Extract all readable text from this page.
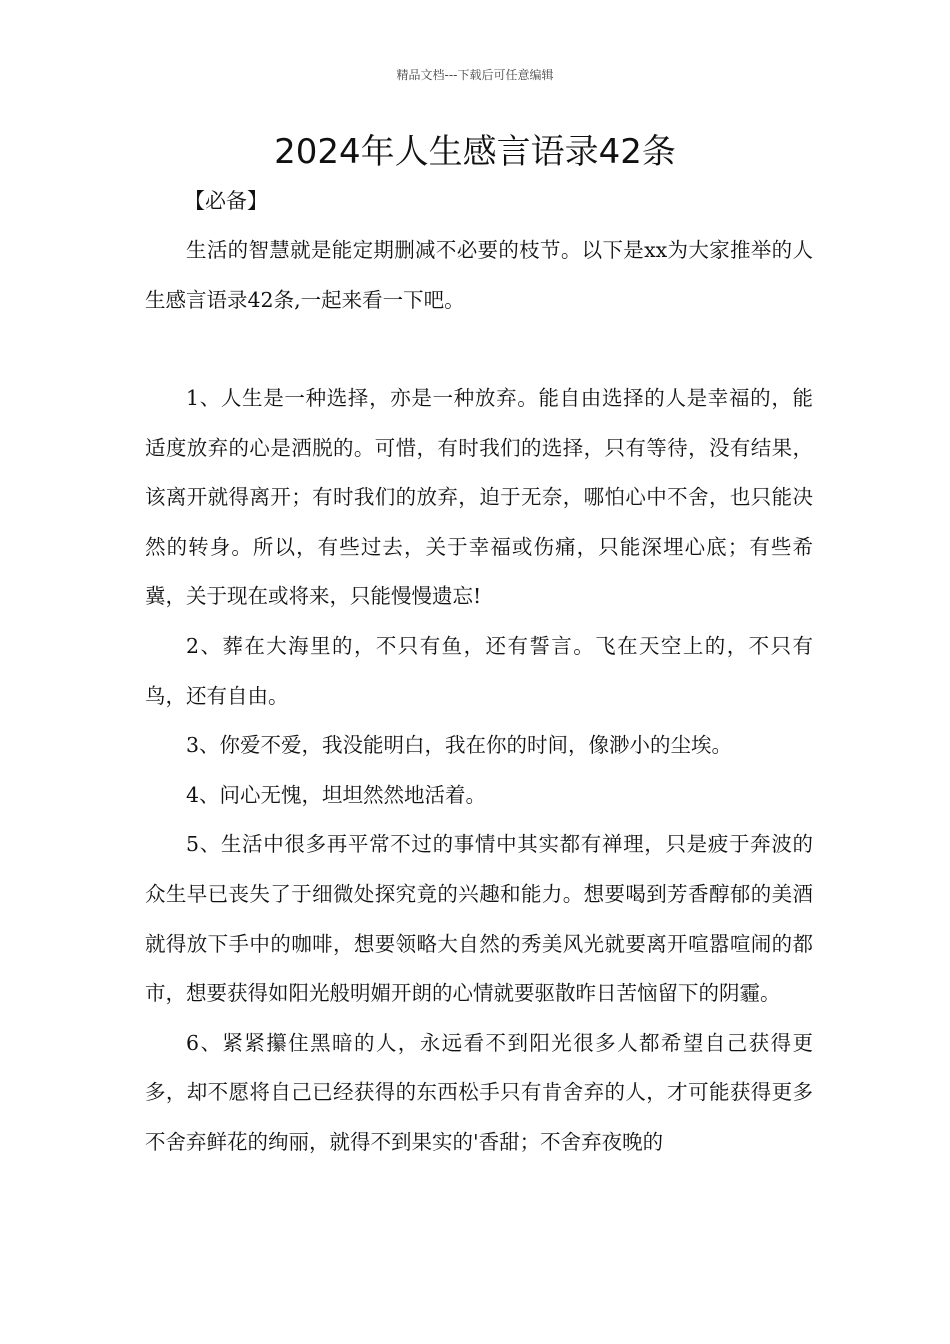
精品文档---下载后可任意编辑
2024年人生感言语录42条
【必备】

生活的智慧就是能定期删减不必要的枝节。以下是xx为大家推举的人生感言语录42条,一起来看一下吧。

1、人生是一种选择，亦是一种放弃。能自由选择的人是幸福的，能适度放弃的心是洒脱的。可惜，有时我们的选择，只有等待，没有结果，该离开就得离开；有时我们的放弃，迫于无奈，哪怕心中不舍，也只能决然的转身。所以，有些过去，关于幸福或伤痛，只能深埋心底；有些希冀，关于现在或将来，只能慢慢遗忘!

2、葬在大海里的，不只有鱼，还有誓言。飞在天空上的，不只有鸟，还有自由。

3、你爱不爱，我没能明白，我在你的时间，像渺小的尘埃。

4、问心无愧，坦坦然然地活着。

5、生活中很多再平常不过的事情中其实都有禅理，只是疲于奔波的众生早已丧失了于细微处探究竟的兴趣和能力。想要喝到芳香醇郁的美酒就得放下手中的咖啡，想要领略大自然的秀美风光就要离开喧嚣喧闹的都市，想要获得如阳光般明媚开朗的心情就要驱散昨日苦恼留下的阴霾。

6、紧紧攥住黑暗的人，永远看不到阳光很多人都希望自己获得更多，却不愿将自己已经获得的东西松手只有肯舍弃的人，才可能获得更多不舍弃鲜花的绚丽，就得不到果实的'香甜；不舍弃夜晚的
